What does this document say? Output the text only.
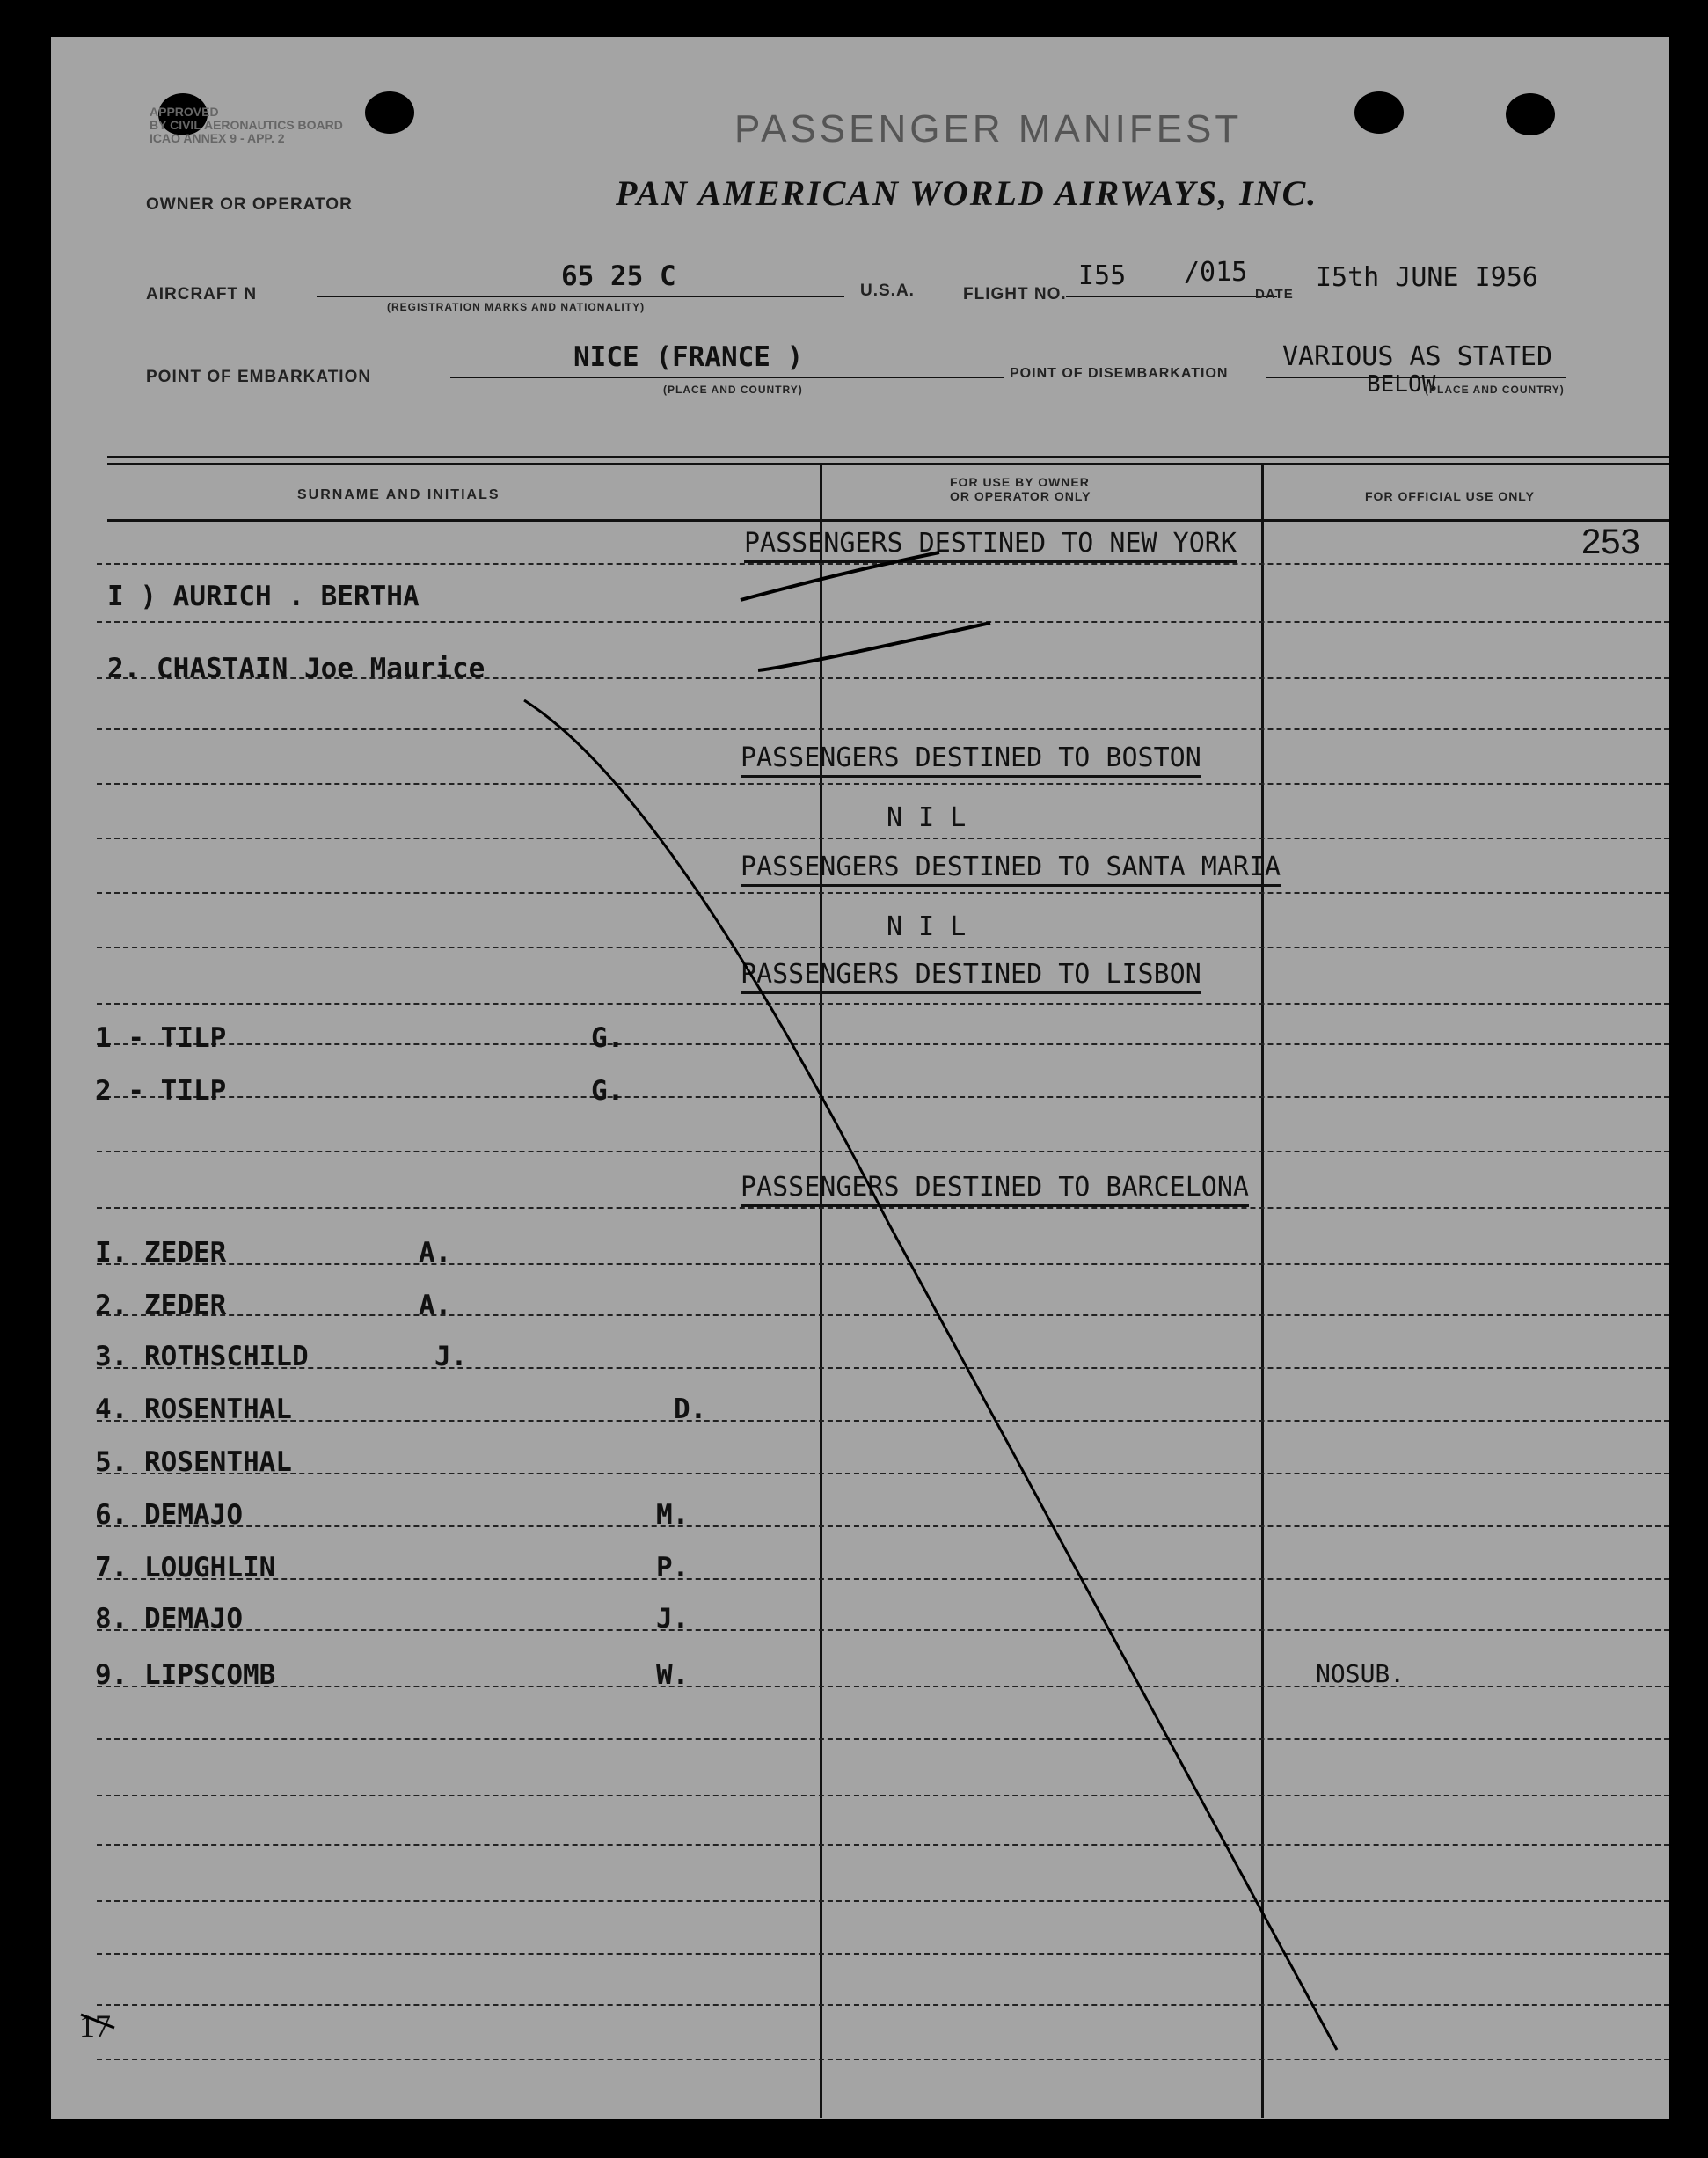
APPROVED
BY CIVIL AERONAUTICS BOARD
ICAO ANNEX 9 - APP. 2	PASSENGER MANIFEST
OWNER OR OPERATOR	PAN AMERICAN WORLD AIRWAYS, INC.
AIRCRAFT N
65 25 C
(REGISTRATION MARKS AND NATIONALITY)
U.S.A.	FLIGHT NO.
I55 /015
DATE
I5th JUNE I956
POINT OF EMBARKATION
NICE (FRANCE )
(PLACE AND COUNTRY)
POINT OF DISEMBARKATION
VARIOUS AS STATED
BELOW
(PLACE AND COUNTRY)
SURNAME AND INITIALS
FOR USE BY OWNER
OR OPERATOR ONLY	FOR OFFICIAL USE ONLY
253
PASSENGERS DESTINED TO NEW YORK
PASSENGERS DESTINED TO BOSTON
N I L
PASSENGERS DESTINED TO SANTA MARIA
N I L
PASSENGERS DESTINED TO LISBON
PASSENGERS DESTINED TO BARCELONA
I ) AURICH . BERTHA
2. CHASTAIN Joe Maurice
1 - TILP	G.
2 - TILP	G.
I. ZEDER	A.
2. ZEDER	A.
3. ROTHSCHILD	J.
4. ROSENTHAL	D.
5. ROSENTHAL
6. DEMAJO	M.
7. LOUGHLIN	P.
8. DEMAJO	J.
9. LIPSCOMB	W.	NOSUB.
17
